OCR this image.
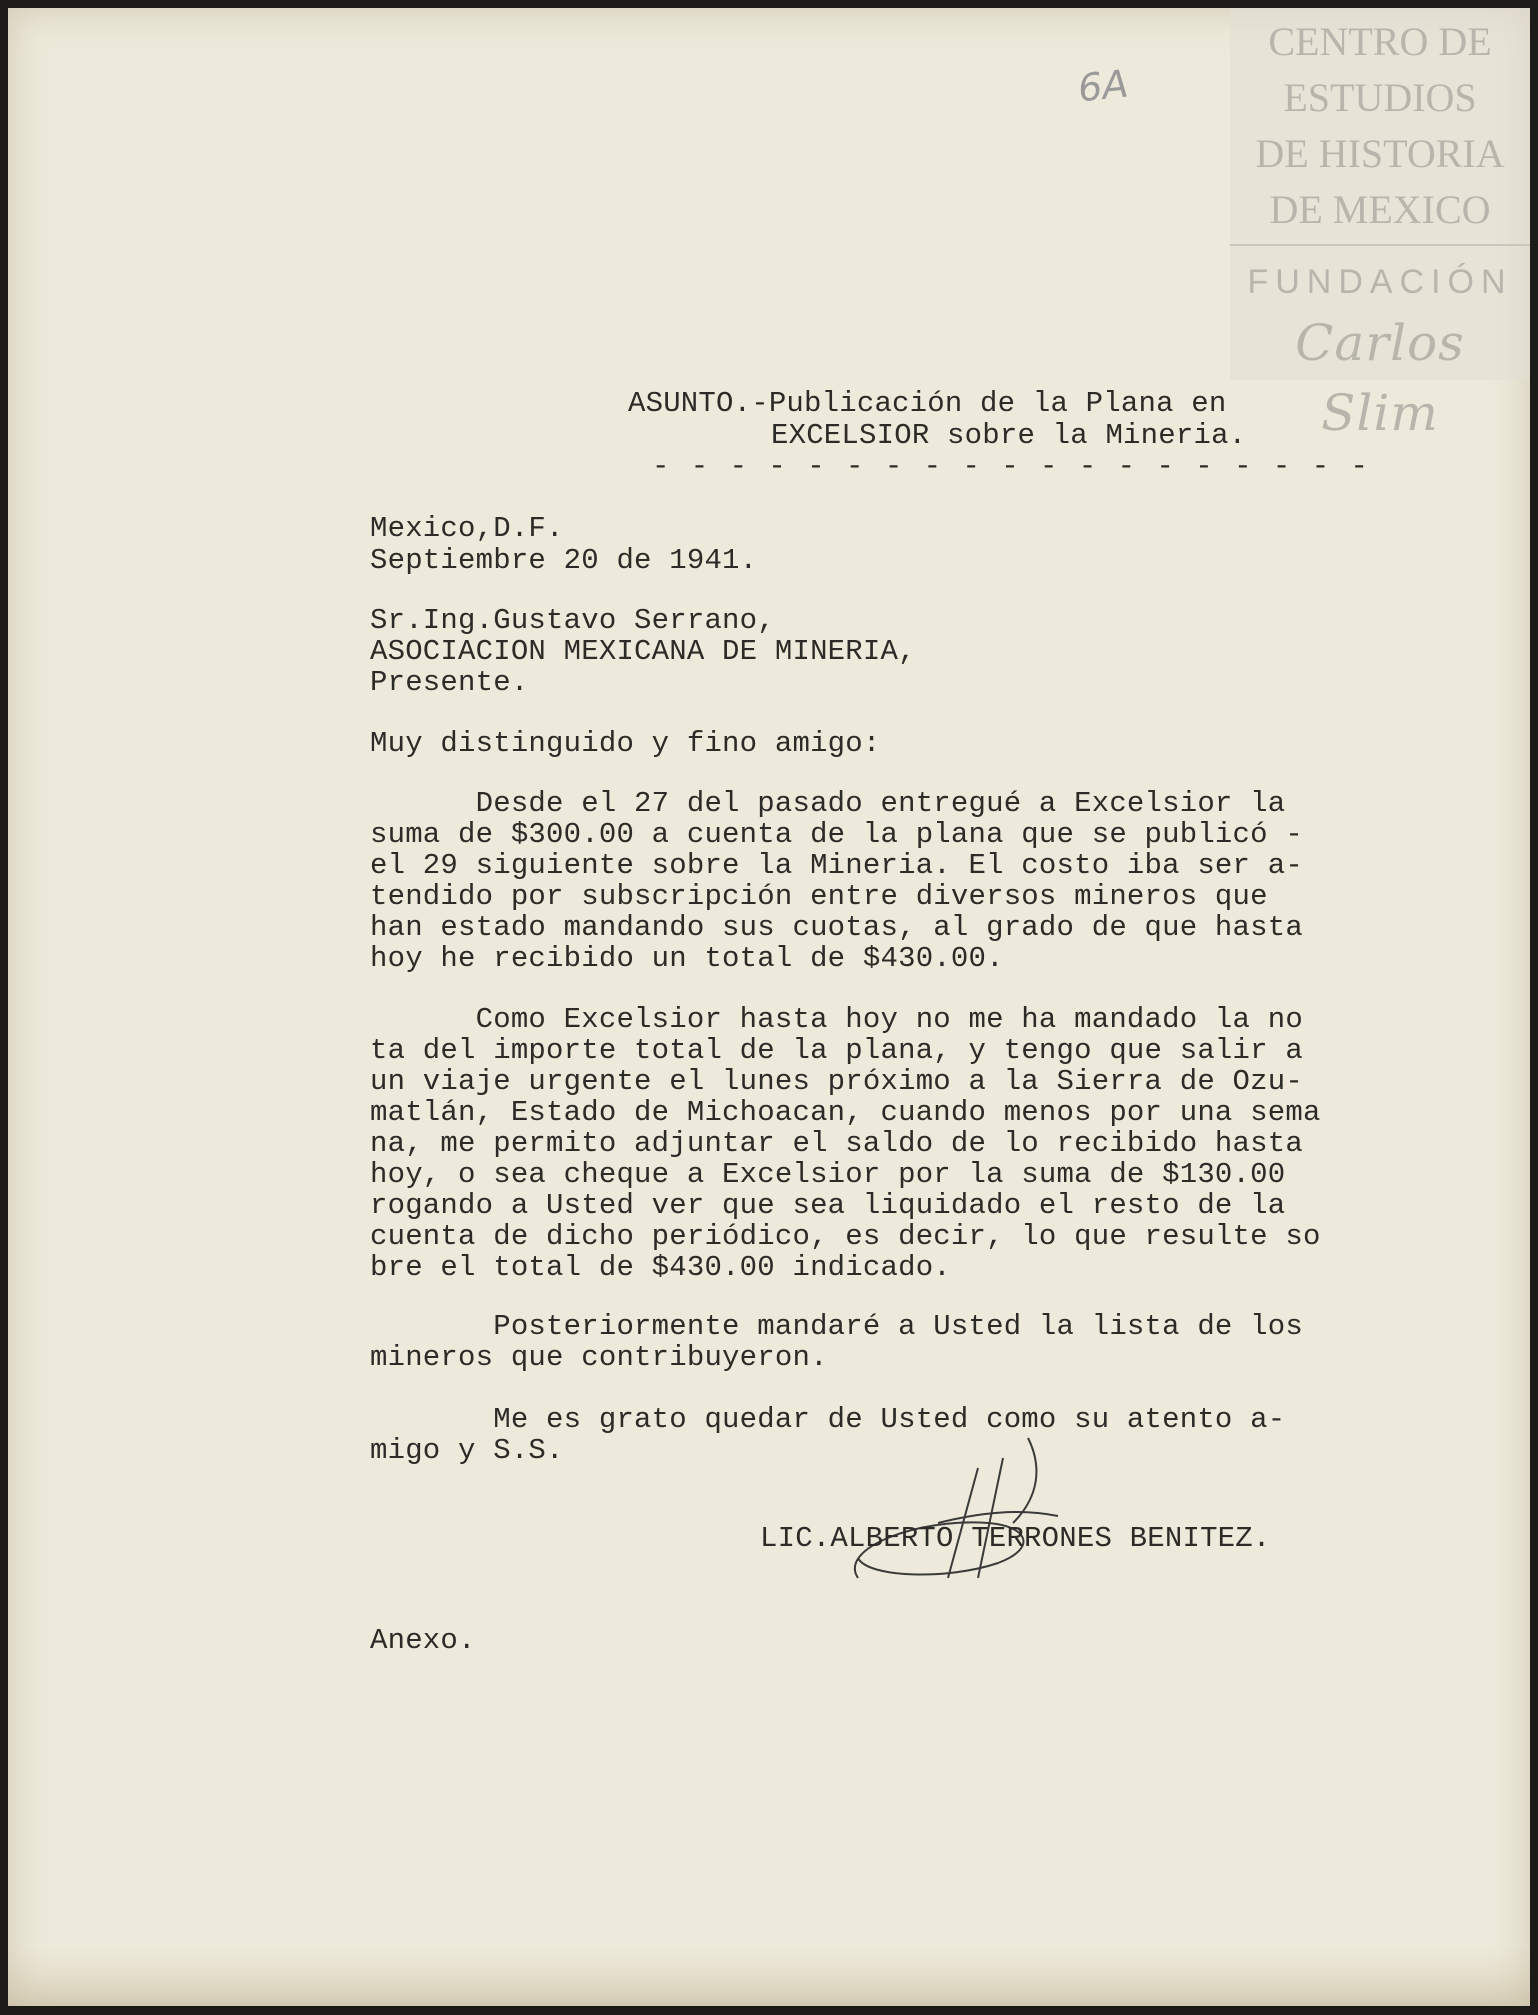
CENTRO DE
ESTUDIOS
DE HISTORIA
DE MEXICO
FUNDACIÓN
Carlos Slim
6A
ASUNTO.-Publicación de la Plana en
EXCELSIOR sobre la Mineria.
- - - - - - - - - - - - - - - - - - -
Mexico,D.F.
Septiembre 20 de 1941.
Sr.Ing.Gustavo Serrano,
ASOCIACION MEXICANA DE MINERIA,
Presente.
Muy distinguido y fino amigo:
Desde el 27 del pasado entregué a Excelsior la
suma de $300.00 a cuenta de la plana que se publicó -
el 29 siguiente sobre la Mineria. El costo iba ser a-
tendido por subscripción entre diversos mineros que
han estado mandando sus cuotas, al grado de que hasta
hoy he recibido un total de $430.00.
Como Excelsior hasta hoy no me ha mandado la no
ta del importe total de la plana, y tengo que salir a
un viaje urgente el lunes próximo a la Sierra de Ozu-
matlán, Estado de Michoacan, cuando menos por una sema
na, me permito adjuntar el saldo de lo recibido hasta
hoy, o sea cheque a Excelsior por la suma de $130.00
rogando a Usted ver que sea liquidado el resto de la
cuenta de dicho periódico, es decir, lo que resulte so
bre el total de $430.00 indicado.
Posteriormente mandaré a Usted la lista de los
mineros que contribuyeron.
Me es grato quedar de Usted como su atento a-
migo y S.S.
LIC.ALBERTO TERRONES BENITEZ.
Anexo.
